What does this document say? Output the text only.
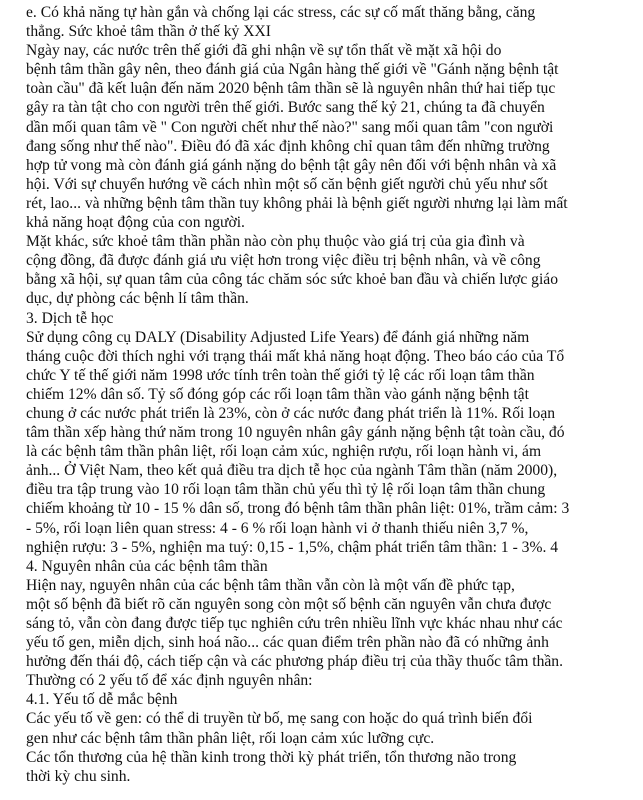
e. Có khả năng tự hàn gắn và chống lại các stress, các sự cố mất thăng bằng, căng
thẳng. Sức khoẻ tâm thần ở thế kỷ XXI
Ngày nay, các nước trên thế giới đã ghi nhận về sự tổn thất về mặt xã hội do
bệnh tâm thần gây nên, theo đánh giá của Ngân hàng thế giới về "Gánh nặng bệnh tật
toàn cầu" đã kết luận đến năm 2020 bệnh tâm thần sẽ là nguyên nhân thứ hai tiếp tục
gây ra tàn tật cho con người trên thế giới. Bước sang thế kỷ 21, chúng ta đã chuyển
dần mối quan tâm về " Con người chết như thế nào?" sang mối quan tâm "con người
đang sống như thế nào". Điều đó đã xác định không chỉ quan tâm đến những trường
hợp tử vong mà còn đánh giá gánh nặng do bệnh tật gây nên đối với bệnh nhân và xã
hội. Với sự chuyển hướng về cách nhìn một số căn bệnh giết người chủ yếu như sốt
rét, lao... và những bệnh tâm thần tuy không phải là bệnh giết người nhưng lại làm mất
khả năng hoạt động của con người.
Mặt khác, sức khoẻ tâm thần phần nào còn phụ thuộc vào giá trị của gia đình và
cộng đồng, đã được đánh giá ưu việt hơn trong việc điều trị bệnh nhân, và về công
bằng xã hội, sự quan tâm của công tác chăm sóc sức khoẻ ban đầu và chiến lược giáo
dục, dự phòng các bệnh lí tâm thần.
3. Dịch tễ học
Sử dụng công cụ DALY (Disability Adjusted Life Years) để đánh giá những năm
tháng cuộc đời thích nghi với trạng thái mất khả năng hoạt động. Theo báo cáo của Tổ
chức Y tế thế giới năm 1998 ước tính trên toàn thế giới tỷ lệ các rối loạn tâm thần
chiếm 12% dân số. Tỷ số đóng góp các rối loạn tâm thần vào gánh nặng bệnh tật
chung ở các nước phát triển là 23%, còn ở các nước đang phát triển là 11%. Rối loạn
tâm thần xếp hàng thứ năm trong 10 nguyên nhân gây gánh nặng bệnh tật toàn cầu, đó
là các bệnh tâm thần phân liệt, rối loạn cảm xúc, nghiện rượu, rối loạn hành vi, ám
ảnh... Ở Việt Nam, theo kết quả điều tra dịch tễ học của ngành Tâm thần (năm 2000),
điều tra tập trung vào 10 rối loạn tâm thần chủ yếu thì tỷ lệ rối loạn tâm thần chung
chiếm khoảng từ 10 - 15 % dân số, trong đó bệnh tâm thần phân liệt: 01%, trầm cảm: 3
- 5%, rối loạn liên quan stress: 4 - 6 % rối loạn hành vi ở thanh thiếu niên 3,7 %,
nghiện rượu: 3 - 5%, nghiện ma tuý: 0,15 - 1,5%, chậm phát triển tâm thần: 1 - 3%. 4
4. Nguyên nhân của các bệnh tâm thần
Hiện nay, nguyên nhân của các bệnh tâm thần vẫn còn là một vấn đề phức tạp,
một số bệnh đã biết rõ căn nguyên song còn một số bệnh căn nguyên vẫn chưa được
sáng tỏ, vẫn còn đang được tiếp tục nghiên cứu trên nhiều lĩnh vực khác nhau như các
yếu tố gen, miễn dịch, sinh hoá não... các quan điểm trên phần nào đã có những ảnh
hưởng đến thái độ, cách tiếp cận và các phương pháp điều trị của thầy thuốc tâm thần.
Thường có 2 yếu tố để xác định nguyên nhân:
4.1. Yếu tố dễ mắc bệnh
Các yếu tố về gen: có thể di truyền từ bố, mẹ sang con hoặc do quá trình biến đổi
gen như các bệnh tâm thần phân liệt, rối loạn cảm xúc lưỡng cực.
Các tổn thương của hệ thần kinh trong thời kỳ phát triển, tổn thương não trong
thời kỳ chu sinh.
